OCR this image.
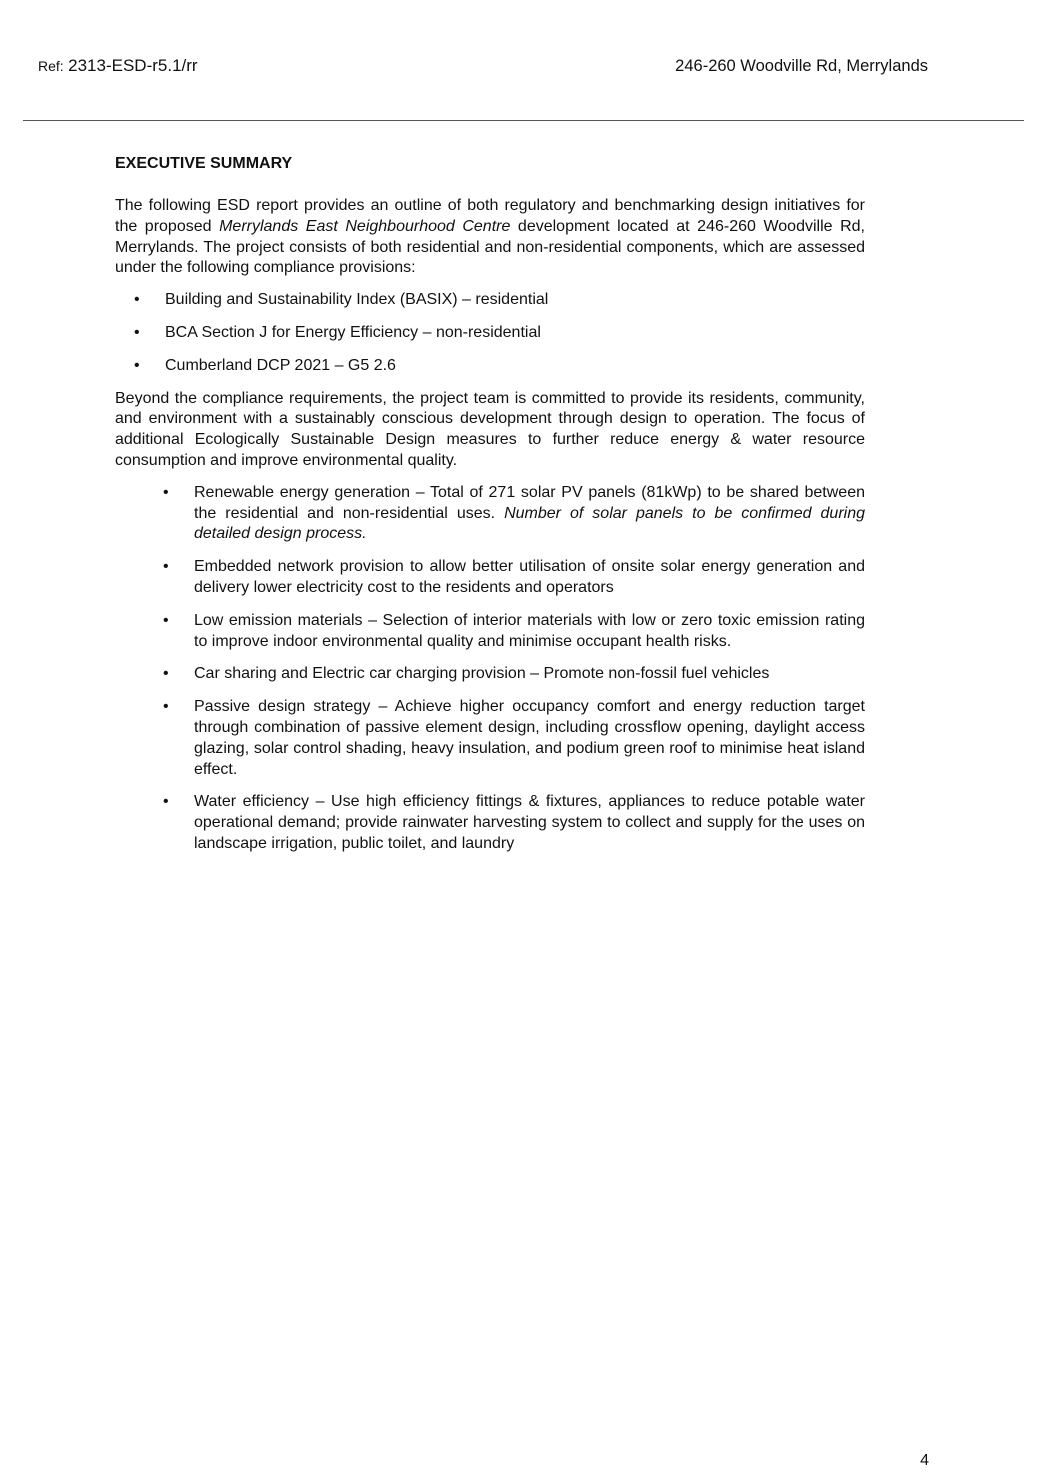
Ref: 2313-ESD-r5.1/rr	246-260 Woodville Rd, Merrylands
EXECUTIVE SUMMARY

The following ESD report provides an outline of both regulatory and benchmarking design initiatives for the proposed Merrylands East Neighbourhood Centre development located at 246-260 Woodville Rd, Merrylands. The project consists of both residential and non-residential components, which are assessed under the following compliance provisions:

• Building and Sustainability Index (BASIX) – residential
• BCA Section J for Energy Efficiency – non-residential
• Cumberland DCP 2021 – G5 2.6

Beyond the compliance requirements, the project team is committed to provide its residents, community, and environment with a sustainably conscious development through design to operation. The focus of additional Ecologically Sustainable Design measures to further reduce energy & water resource consumption and improve environmental quality.

• Renewable energy generation – Total of 271 solar PV panels (81kWp) to be shared between the residential and non-residential uses. Number of solar panels to be confirmed during detailed design process.
• Embedded network provision to allow better utilisation of onsite solar energy generation and delivery lower electricity cost to the residents and operators
• Low emission materials – Selection of interior materials with low or zero toxic emission rating to improve indoor environmental quality and minimise occupant health risks.
• Car sharing and Electric car charging provision – Promote non-fossil fuel vehicles
• Passive design strategy – Achieve higher occupancy comfort and energy reduction target through combination of passive element design, including crossflow opening, daylight access glazing, solar control shading, heavy insulation, and podium green roof to minimise heat island effect.
• Water efficiency – Use high efficiency fittings & fixtures, appliances to reduce potable water operational demand; provide rainwater harvesting system to collect and supply for the uses on landscape irrigation, public toilet, and laundry
4
